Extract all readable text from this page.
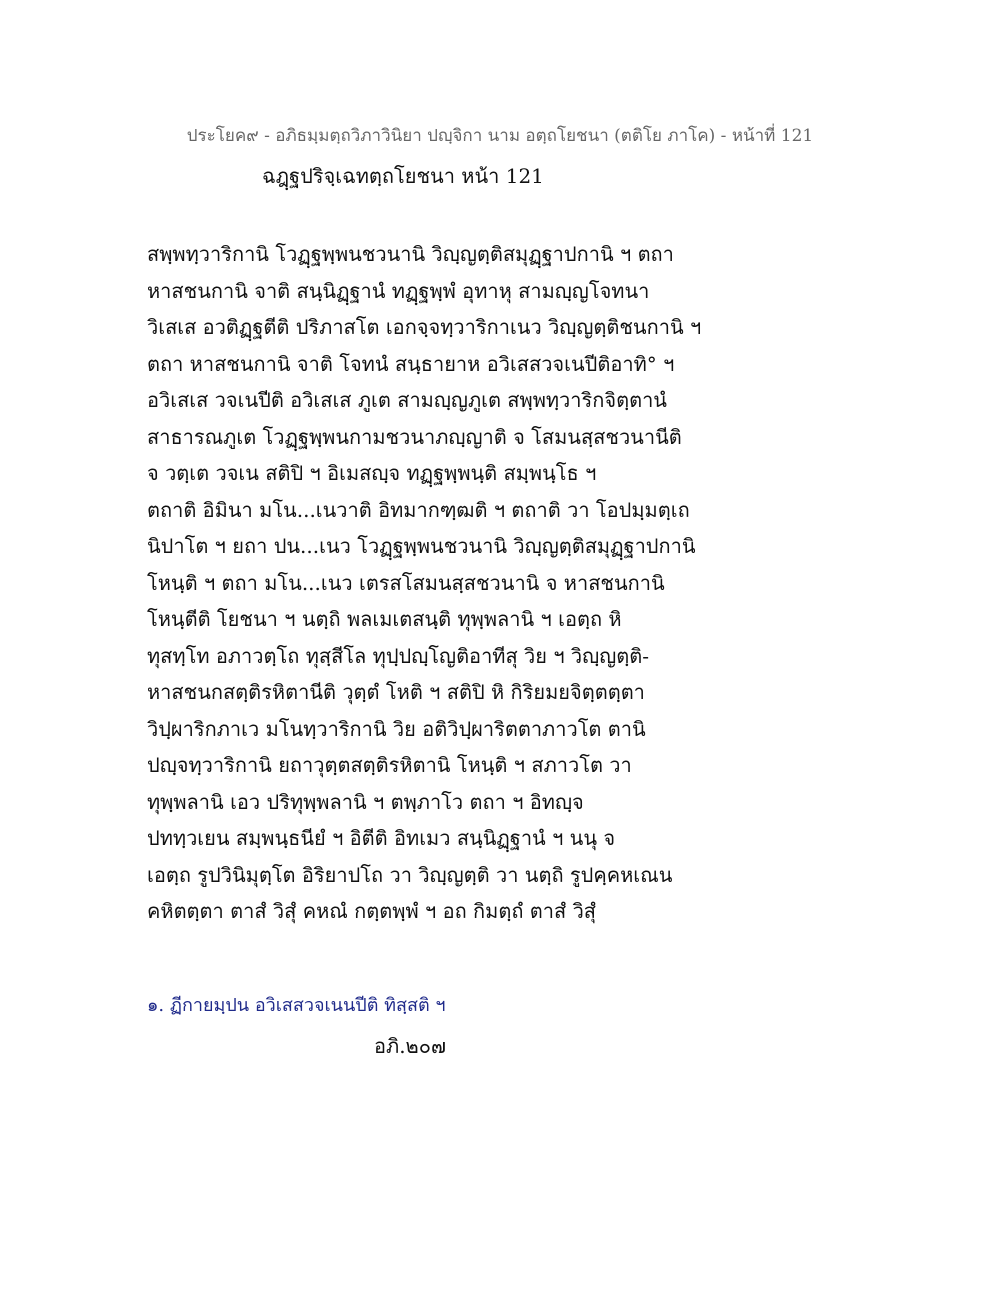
ประโยค๙ - อภิธมฺมตฺถวิภาวินิยา ปญฺจิกา นาม อตฺถโยชนา (ตติโย ภาโค) - หน้าที่ 121
ฉฎฺฐปริจฺเฉทตฺถโยชนา หน้า 121
สพฺพทฺวาริกานิ โวฏฺฐพฺพนชวนานิ วิญฺญตฺติสมุฏฺฐาปกานิ ฯ ตถา
หาสชนกานิ จาติ สนฺนิฏฺฐานํ ทฏฺฐพฺพํ อุทาหุ สามญฺญโจทนา
วิเสเส อวติฏฺฐตีติ ปริภาสโต เอกจฺจทฺวาริกาเนว วิญฺญตฺติชนกานิ ฯ
ตถา หาสชนกานิ จาติ โจทนํ สนฺธายาห อวิเสสวจเนปีติอาทิ° ฯ
อวิเสเส วจเนปีติ อวิเสเส ภูเต สามญฺญภูเต สพฺพทฺวาริกจิตฺตานํ
สาธารณภูเต โวฏฺฐพฺพนกามชวนาภญฺญาติ จ โสมนสฺสชวนานีติ
จ วตฺเต วจเน สติปิ ฯ อิเมสญฺจ ทฏฺฐพฺพนฺติ สมฺพนฺโธ ฯ
ตถาติ อิมินา มโน...เนวาติ อิทมากฑฺฒติ ฯ ตถาติ วา โอปมฺมตฺเถ
นิปาโต ฯ ยถา ปน...เนว โวฏฺฐพฺพนชวนานิ วิญฺญตฺติสมุฏฺฐาปกานิ
โหนฺติ ฯ ตถา มโน...เนว เตรสโสมนสฺสชวนานิ จ หาสชนกานิ
โหนฺตีติ โยชนา ฯ นตฺถิ พลเมเตสนฺติ ทุพฺพลานิ ฯ เอตฺถ หิ
ทุสทฺโท อภาวตฺโถ ทุสฺสีโล ทุปฺปญฺโญติอาทีสุ วิย ฯ วิญฺญตฺติ-
หาสชนกสตฺติรหิตานีติ วุตฺตํ โหติ ฯ สติปิ หิ กิริยมยจิตฺตตฺตา
วิปฺผาริกภาเว มโนทฺวาริกานิ วิย อติวิปฺผาริตตาภาวโต ตานิ
ปญฺจทฺวาริกานิ ยถาวุตฺตสตฺติรหิตานิ โหนฺติ ฯ สภาวโต วา
ทุพฺพลานิ เอว ปริทุพฺพลานิ ฯ ตพฺภาโว ตถา ฯ อิทญฺจ
ปททฺวเยน สมฺพนฺธนียํ ฯ อิตีติ อิทเมว สนฺนิฏฺฐานํ ฯ นนุ จ
เอตฺถ รูปวินิมุตฺโต อิริยาปโถ วา วิญฺญตฺติ วา นตฺถิ รูปคฺคหเณน
คหิตตฺตา ตาสํ วิสุํ คหณํ กตฺตพฺพํ ฯ อถ กิมตฺถํ ตาสํ วิสุํ
๑. ฏีกายมฺปน อวิเสสวจเนนปีติ ทิสฺสติ ฯ
อภิ.๒๐๗
